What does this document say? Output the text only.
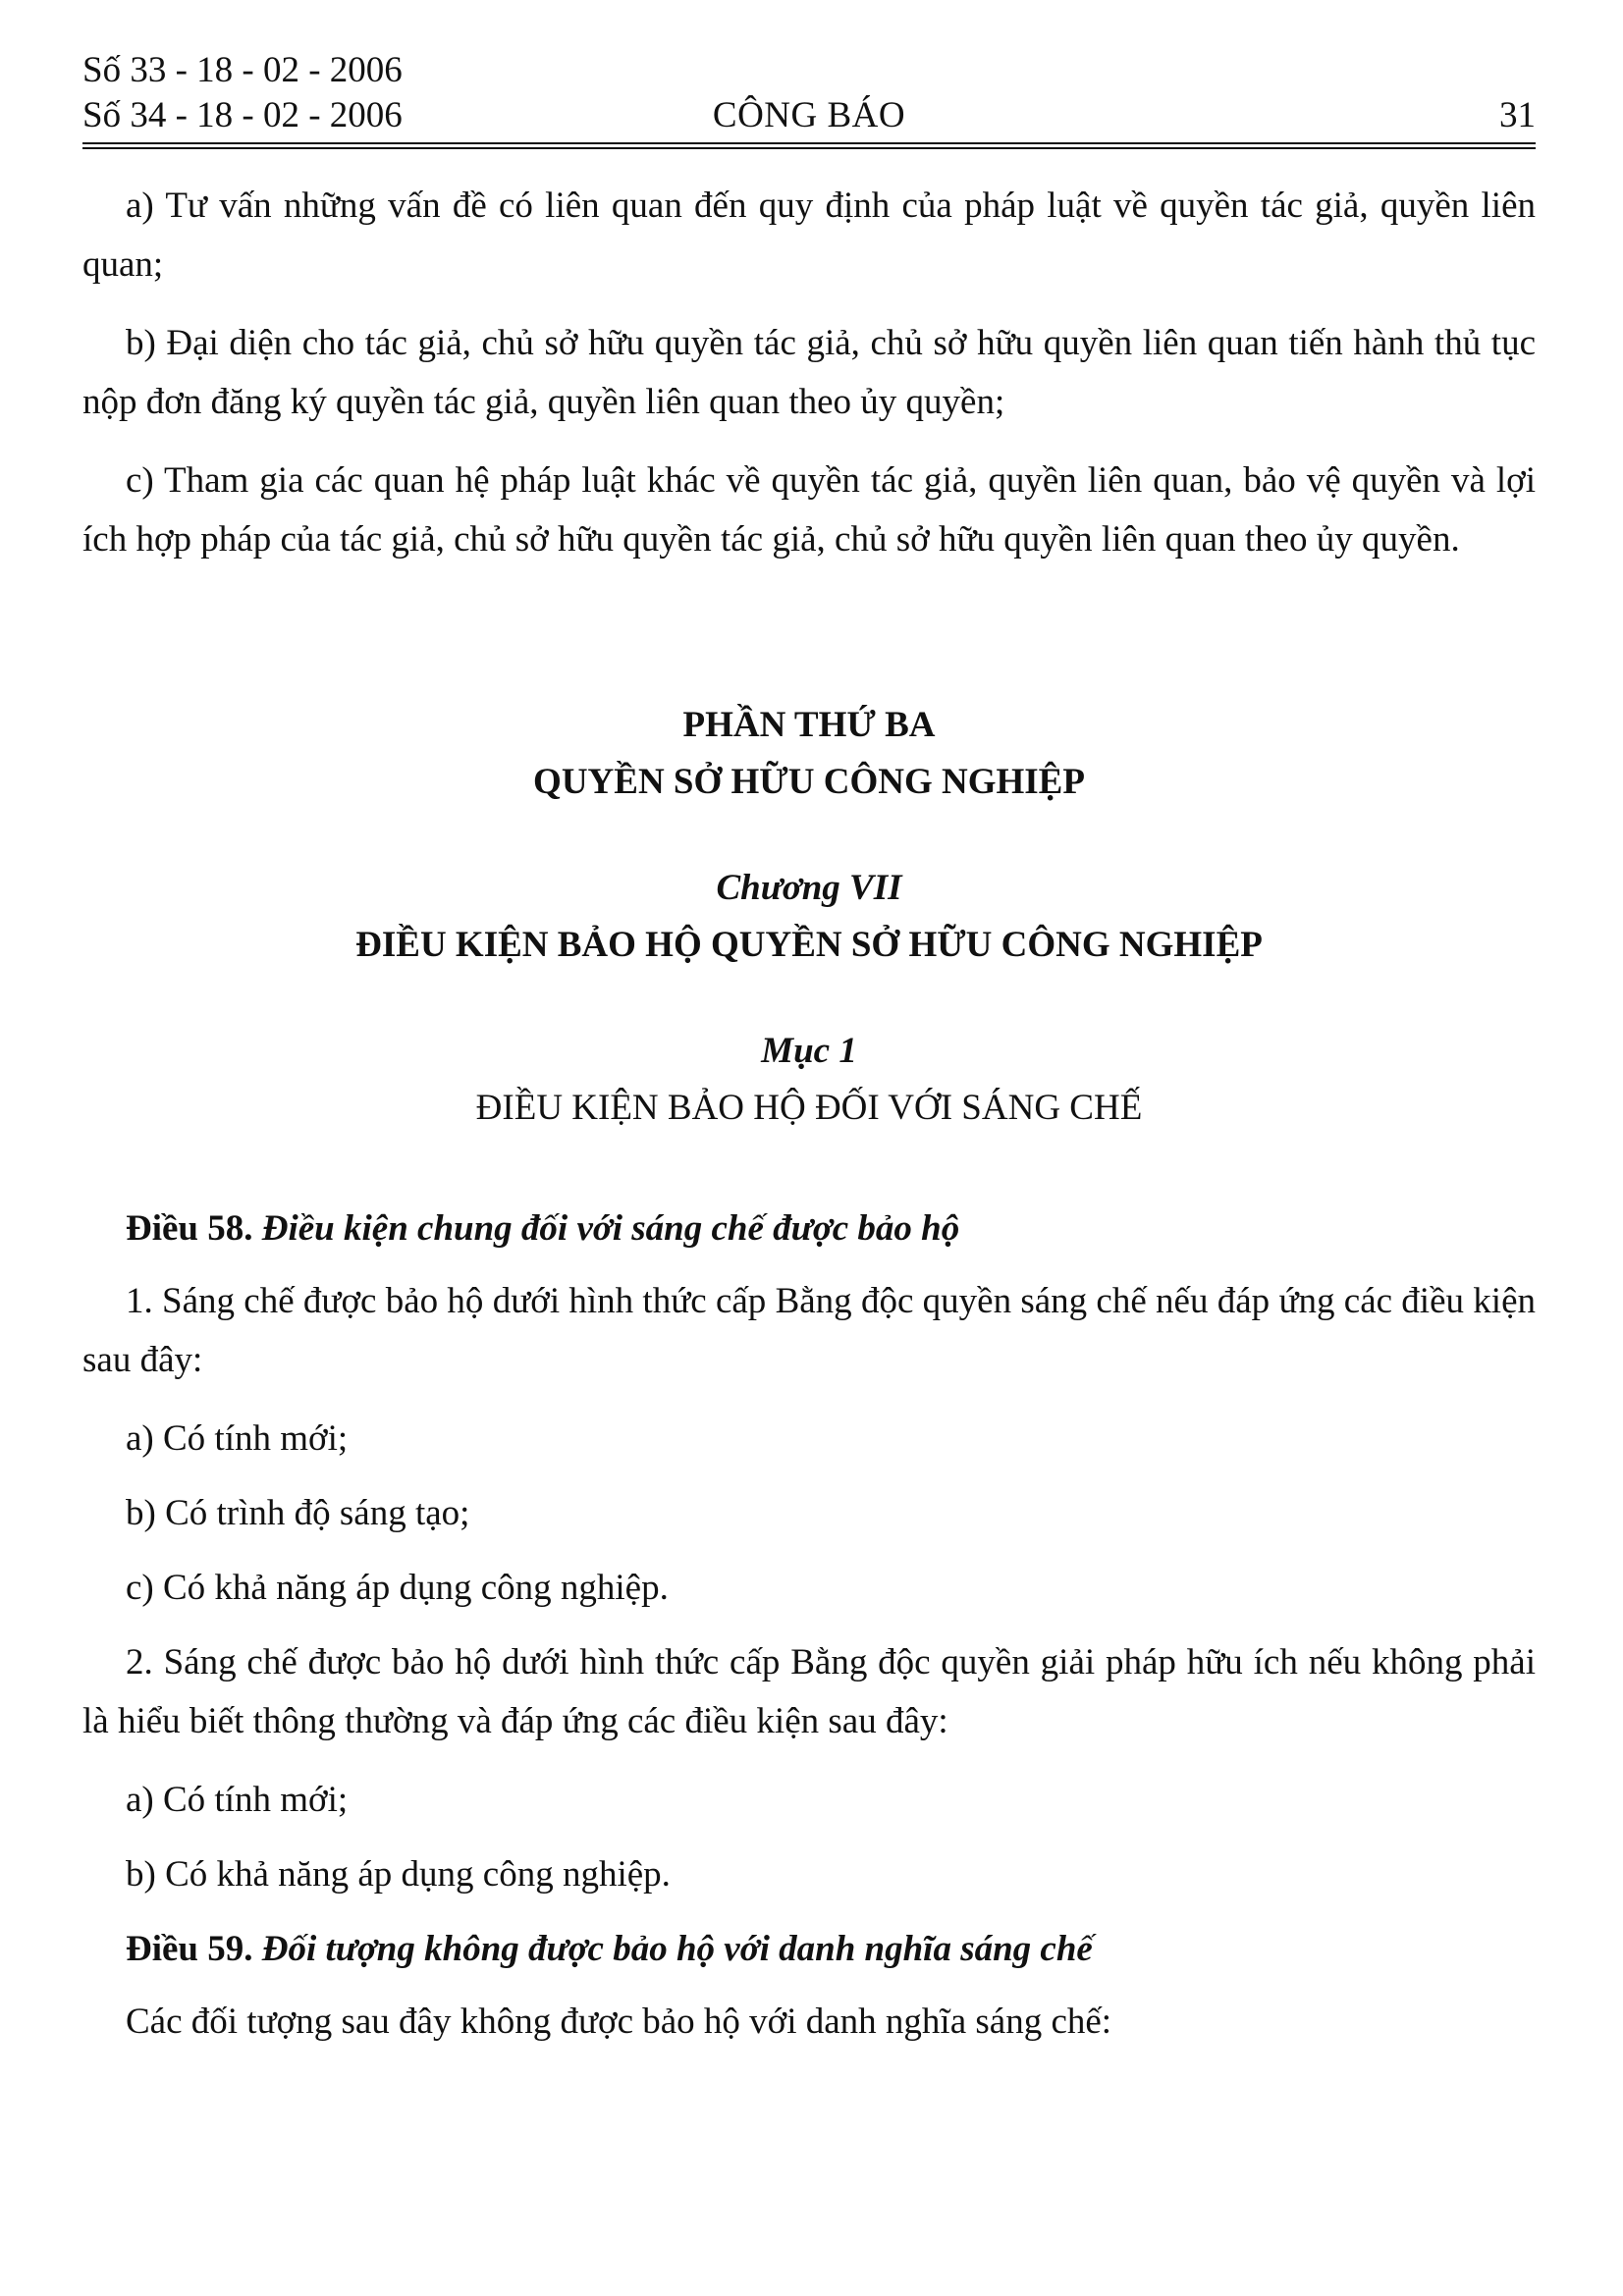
Số 33 - 18 - 02 - 2006
Số 34 - 18 - 02 - 2006	CÔNG BÁO	31

a) Tư vấn những vấn đề có liên quan đến quy định của pháp luật về quyền tác giả, quyền liên quan;

b) Đại diện cho tác giả, chủ sở hữu quyền tác giả, chủ sở hữu quyền liên quan tiến hành thủ tục nộp đơn đăng ký quyền tác giả, quyền liên quan theo ủy quyền;

c) Tham gia các quan hệ pháp luật khác về quyền tác giả, quyền liên quan, bảo vệ quyền và lợi ích hợp pháp của tác giả, chủ sở hữu quyền tác giả, chủ sở hữu quyền liên quan theo ủy quyền.

PHẦN THỨ BA

QUYỀN SỞ HỮU CÔNG NGHIỆP

Chương VII

ĐIỀU KIỆN BẢO HỘ QUYỀN SỞ HỮU CÔNG NGHIỆP

Mục 1

ĐIỀU KIỆN BẢO HỘ ĐỐI VỚI SÁNG CHẾ

Điều 58. Điều kiện chung đối với sáng chế được bảo hộ

1. Sáng chế được bảo hộ dưới hình thức cấp Bằng độc quyền sáng chế nếu đáp ứng các điều kiện sau đây:

a) Có tính mới;

b) Có trình độ sáng tạo;

c) Có khả năng áp dụng công nghiệp.

2. Sáng chế được bảo hộ dưới hình thức cấp Bằng độc quyền giải pháp hữu ích nếu không phải là hiểu biết thông thường và đáp ứng các điều kiện sau đây:

a) Có tính mới;

b) Có khả năng áp dụng công nghiệp.

Điều 59. Đối tượng không được bảo hộ với danh nghĩa sáng chế

Các đối tượng sau đây không được bảo hộ với danh nghĩa sáng chế:
